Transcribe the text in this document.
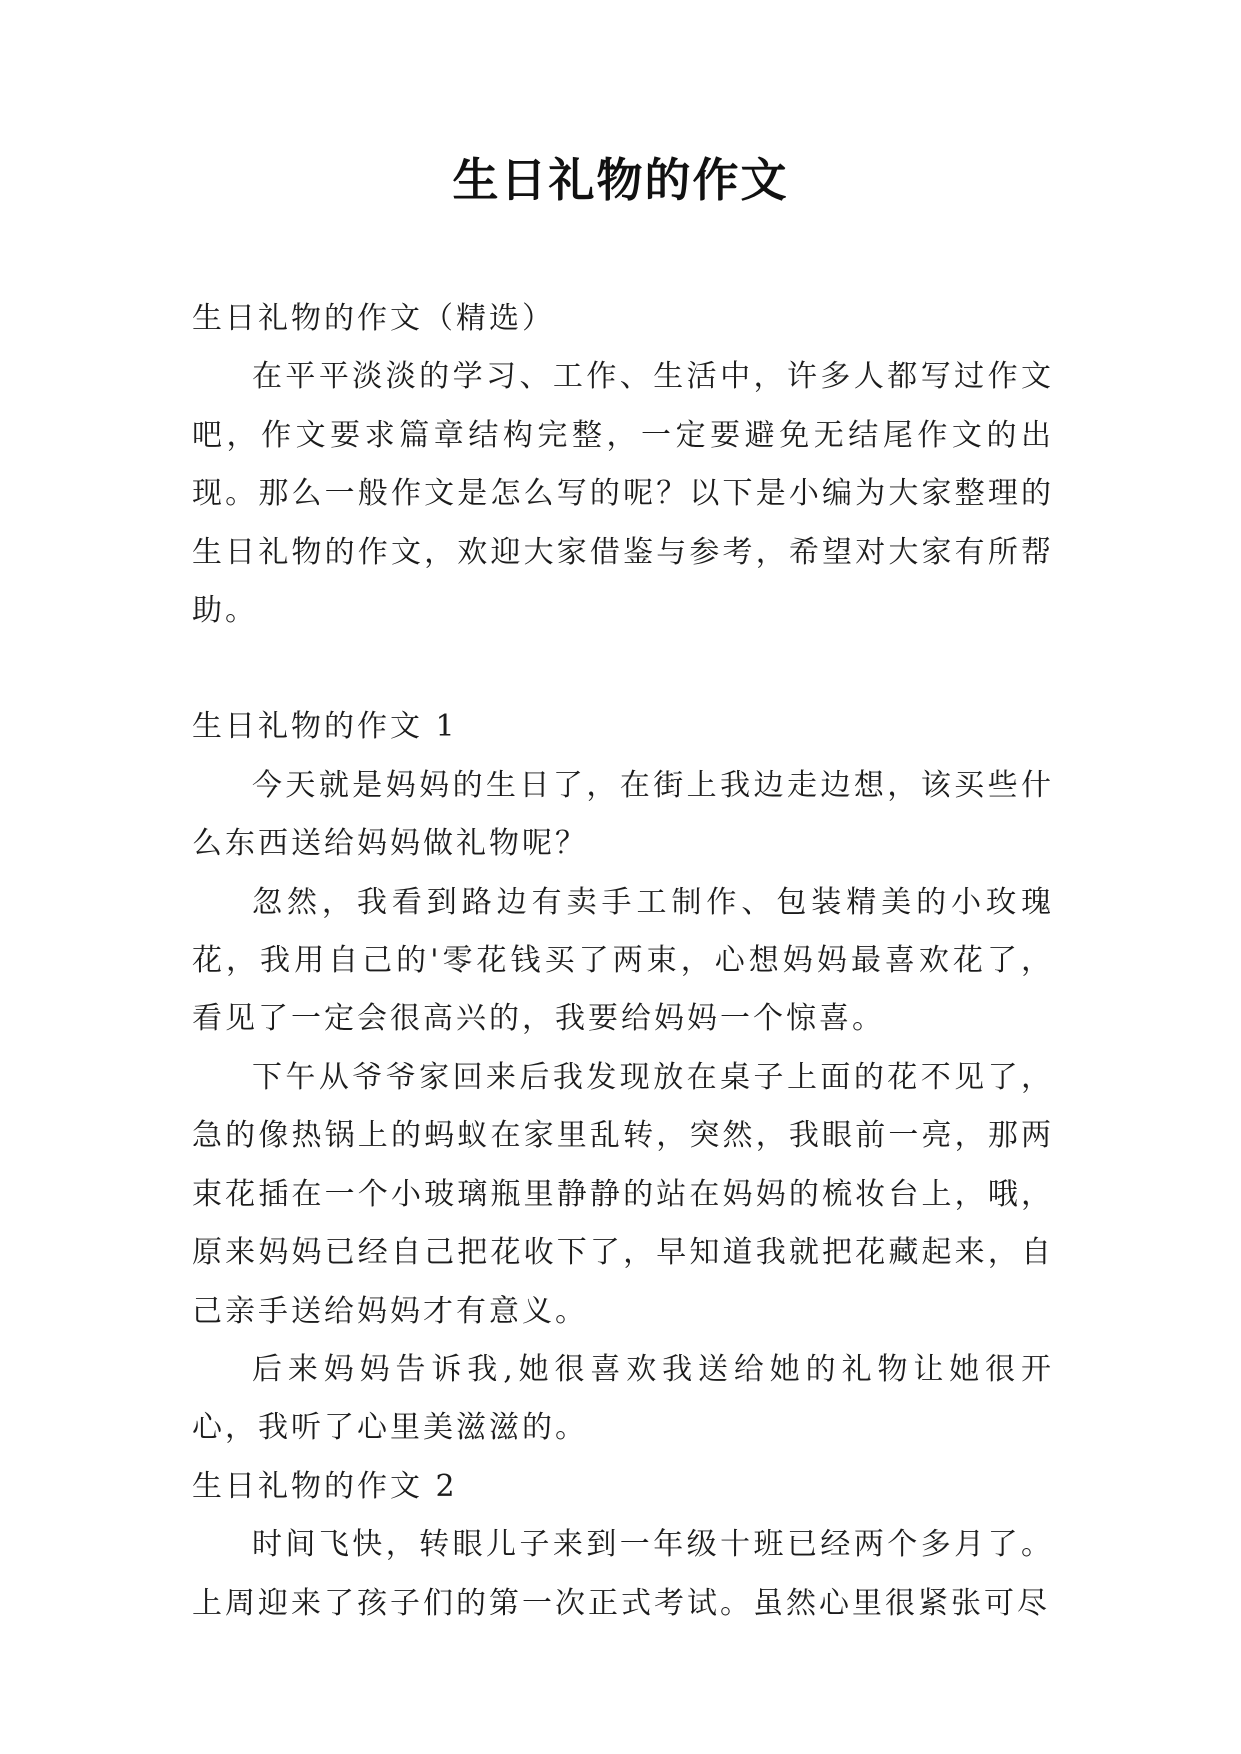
生日礼物的作文

生日礼物的作文（精选）

在平平淡淡的学习、工作、生活中，许多人都写过作文吧，作文要求篇章结构完整，一定要避免无结尾作文的出现。那么一般作文是怎么写的呢？以下是小编为大家整理的生日礼物的作文，欢迎大家借鉴与参考，希望对大家有所帮助。

生日礼物的作文 1

今天就是妈妈的生日了，在街上我边走边想，该买些什么东西送给妈妈做礼物呢？

忽然，我看到路边有卖手工制作、包装精美的小玫瑰花，我用自己的'零花钱买了两束，心想妈妈最喜欢花了，看见了一定会很高兴的，我要给妈妈一个惊喜。

下午从爷爷家回来后我发现放在桌子上面的花不见了，急的像热锅上的蚂蚁在家里乱转，突然，我眼前一亮，那两束花插在一个小玻璃瓶里静静的站在妈妈的梳妆台上，哦，原来妈妈已经自己把花收下了，早知道我就把花藏起来，自己亲手送给妈妈才有意义。

后来妈妈告诉我,她很喜欢我送给她的礼物让她很开心，我听了心里美滋滋的。

生日礼物的作文 2

时间飞快，转眼儿子来到一年级十班已经两个多月了。上周迎来了孩子们的第一次正式考试。虽然心里很紧张可尽
